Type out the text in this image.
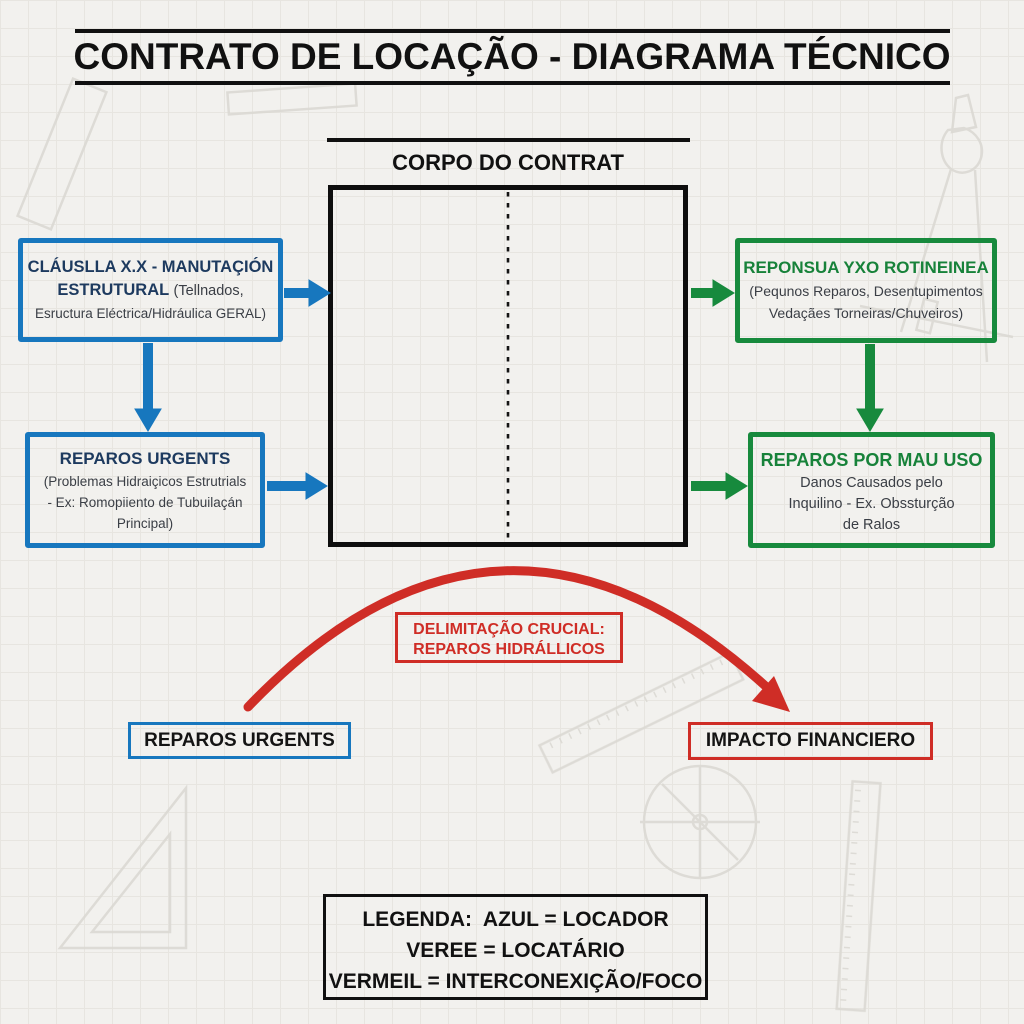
CONTRATO DE LOCAÇÃO - DIAGRAMA TÉCNICO
CORPO DO CONTRAT
CLÁUSLLA X.X - MANUTAÇIÓN
ESTRUTURAL (Tellnados,
Esructura Eléctrica/Hidráulica GERAL)
REPAROS URGENTS
(Problemas Hidraiçicos Estrutrials
- Ex: Romopiiento de Tubuilaçán
Principal)
REPONSUA YXO ROTINEINEA
(Pequnos Reparos, Desentupimentos
Vedaçães Torneiras/Chuveiros)
REPAROS POR MAU USO
Danos Causados pelo
Inquilino - Ex. Obssturção
de Ralos
DELIMITAÇÃO CRUCIAL:
REPAROS HIDRÁLLICOS
REPAROS URGENTS	IMPACTO FINANCIERO
LEGENDA:  AZUL = LOCADOR
VEREE = LOCATÁRIO
VERMEIL = INTERCONEXIÇÃO/FOCO
